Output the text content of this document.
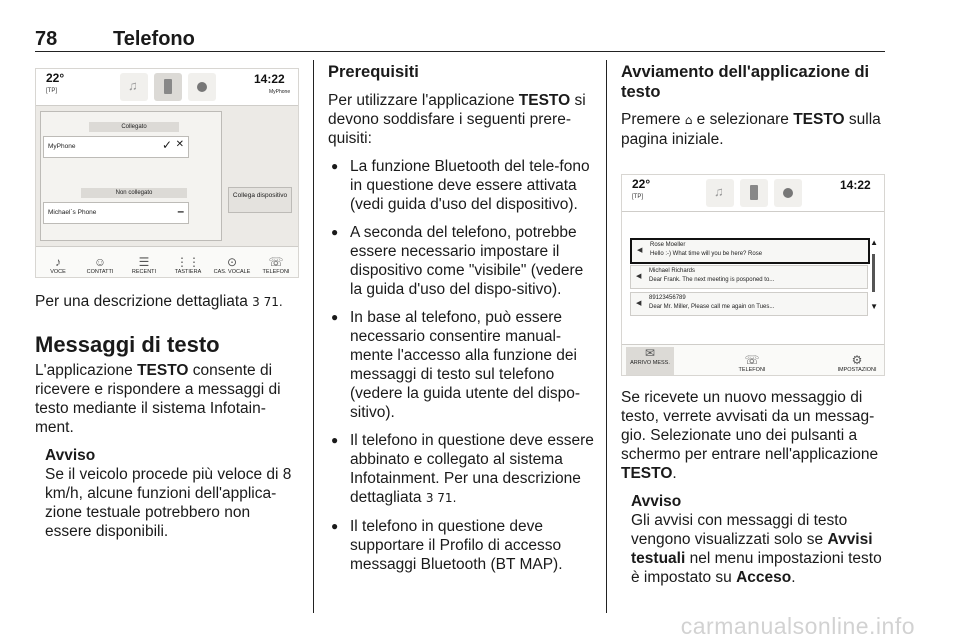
78	Telefono
22°
[TP]	♫	14:22
MyPhone
Collegato
MyPhone	✓ ✕
Non collegato
Michael`s Phone	–
Collega dispositivo
♪
VOCE
☺
CONTATTI
☰
RECENTI
⋮⋮
TASTIERA
⊙
CAS. VOCALE
☏
TELEFONI

Per una descrizione dettagliata 3 71.

Messaggi di testo

L'applicazione TESTO consente di ricevere e rispondere a messaggi di testo mediante il sistema Infotain-ment.

Avviso

Se il veicolo procede più veloce di 8 km/h, alcune funzioni dell'applica-zione testuale potrebbero non essere disponibili.

Prerequisiti

Per utilizzare l'applicazione TESTO si devono soddisfare i seguenti prere-quisiti:

● La funzione Bluetooth del tele-fono in questione deve essere attivata (vedi guida d'uso del dispositivo).
● A seconda del telefono, potrebbe essere necessario impostare il dispositivo come "visibile" (vedere la guida d'uso del dispo-sitivo).
● In base al telefono, può essere necessario consentire manual-mente l'accesso alla funzione dei messaggi di testo sul telefono (vedere la guida utente del dispo-sitivo).
● Il telefono in questione deve essere abbinato e collegato al sistema Infotainment. Per una descrizione dettagliata 3 71.
● Il telefono in questione deve supportare il Profilo di accesso messaggi Bluetooth (BT MAP).
Avviamento dell'applicazione di testo

Premere ⌂ e selezionare TESTO sulla pagina iniziale.

22°
[TP]	♫	14:22
◀
Rose Moeller
Hello :-) What time will you be here? Rose
◀
Michael Richards
Dear Frank. The next meeting is posponed to...
◀
89123456789
Dear Mr. Miller, Please call me again on Tues...
▲
▼
✉
ARRIVO MESS.	☏
TELEFONI
⚙
IMPOSTAZIONI

Se ricevete un nuovo messaggio di testo, verrete avvisati da un messag-gio. Selezionate uno dei pulsanti a schermo per entrare nell'applicazione TESTO.

Avviso

Gli avvisi con messaggi di testo vengono visualizzati solo se Avvisi testuali nel menu impostazioni testo è impostato su Acceso.

carmanualsonline.info
